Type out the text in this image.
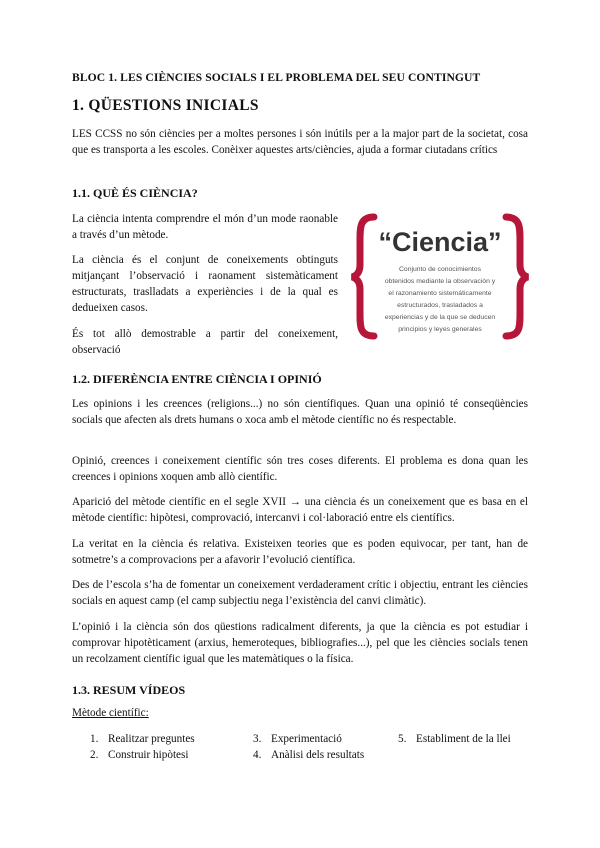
BLOC 1. LES CIÈNCIES SOCIALS I EL PROBLEMA DEL SEU CONTINGUT
1. QÜESTIONS INICIALS
LES CCSS no són ciències per a moltes persones i són inútils per a la major part de la societat, cosa que es transporta a les escoles. Conèixer aquestes arts/ciències, ajuda a formar ciutadans crítics
1.1. QUÈ ÉS CIÈNCIA?
La ciència intenta comprendre el món d’un mode raonable a través d’un mètode.
La ciència és el conjunt de coneixements obtinguts mitjançant l’observació i raonament sistemàticament estructurats, traslladats a experiències i de la qual es dedueixen casos.
És tot allò demostrable a partir del coneixement, observació
“Ciencia”
Conjunto de conocimientos
obtenidos mediante la observación y
el razonamiento sistemáticamente
estructurados, trasladados a
experiencias y de la que se deducen
principios y leyes generales
1.2. DIFERÈNCIA ENTRE CIÈNCIA I OPINIÓ
Les opinions i les creences (religions...) no són científiques. Quan una opinió té conseqüències socials que afecten als drets humans o xoca amb el mètode científic no és respectable.
Opinió, creences i coneixement científic són tres coses diferents. El problema es dona quan les creences i opinions xoquen amb allò científic.
Aparició del mètode científic en el segle XVII → una ciència és un coneixement que es basa en el mètode científic: hipòtesi, comprovació, intercanvi i col·laboració entre els científics.
La veritat en la ciència és relativa. Existeixen teories que es poden equivocar, per tant, han de sotmetre’s a comprovacions per a afavorir l’evolució científica.
Des de l’escola s’ha de fomentar un coneixement verdaderament crític i objectiu, entrant les ciències socials en aquest camp (el camp subjectiu nega l’existència del canvi climàtic).
L’opinió i la ciència són dos qüestions radicalment diferents, ja que la ciència es pot estudiar i comprovar hipotèticament (arxius, hemeroteques, bibliografies...), pel que les ciències socials tenen un recolzament científic igual que les matemàtiques o la física.
1.3. RESUM VÍDEOS
Mètode científic:
1. Realitzar preguntes
2. Construir hipòtesi
3. Experimentació
4. Anàlisi dels resultats
5. Establiment de la llei
